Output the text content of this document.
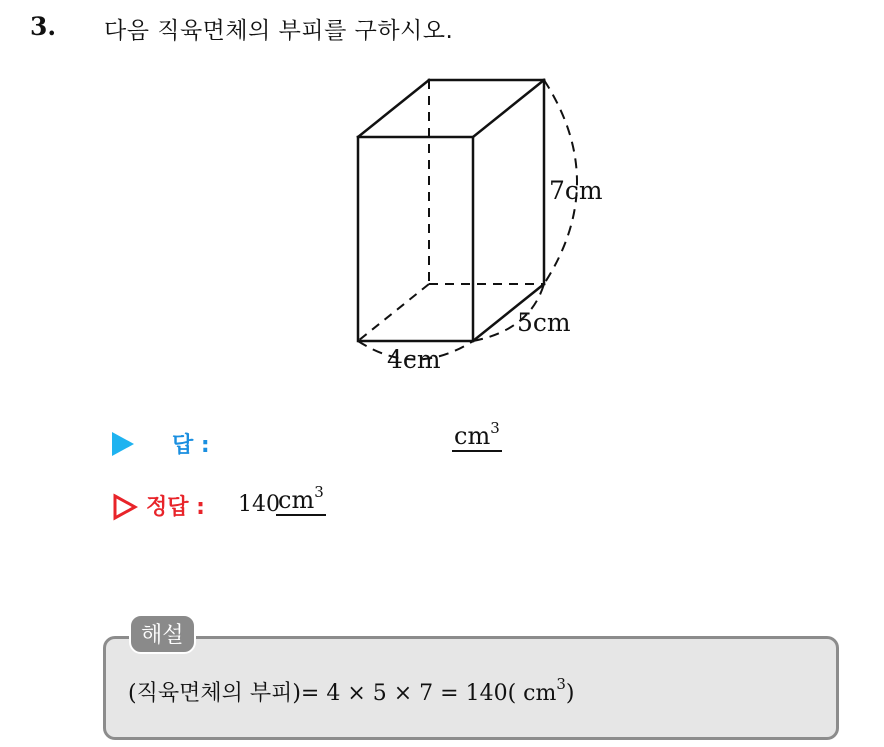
3. 다음 직육면체의 부피를 구하시오.
7cm
5cm
4cm
답 :	$cm^3$
정답 : 140
$cm^3$
해설
(직육면체의 부피)= 4 × 5 × 7 = 140( $cm^3$)
